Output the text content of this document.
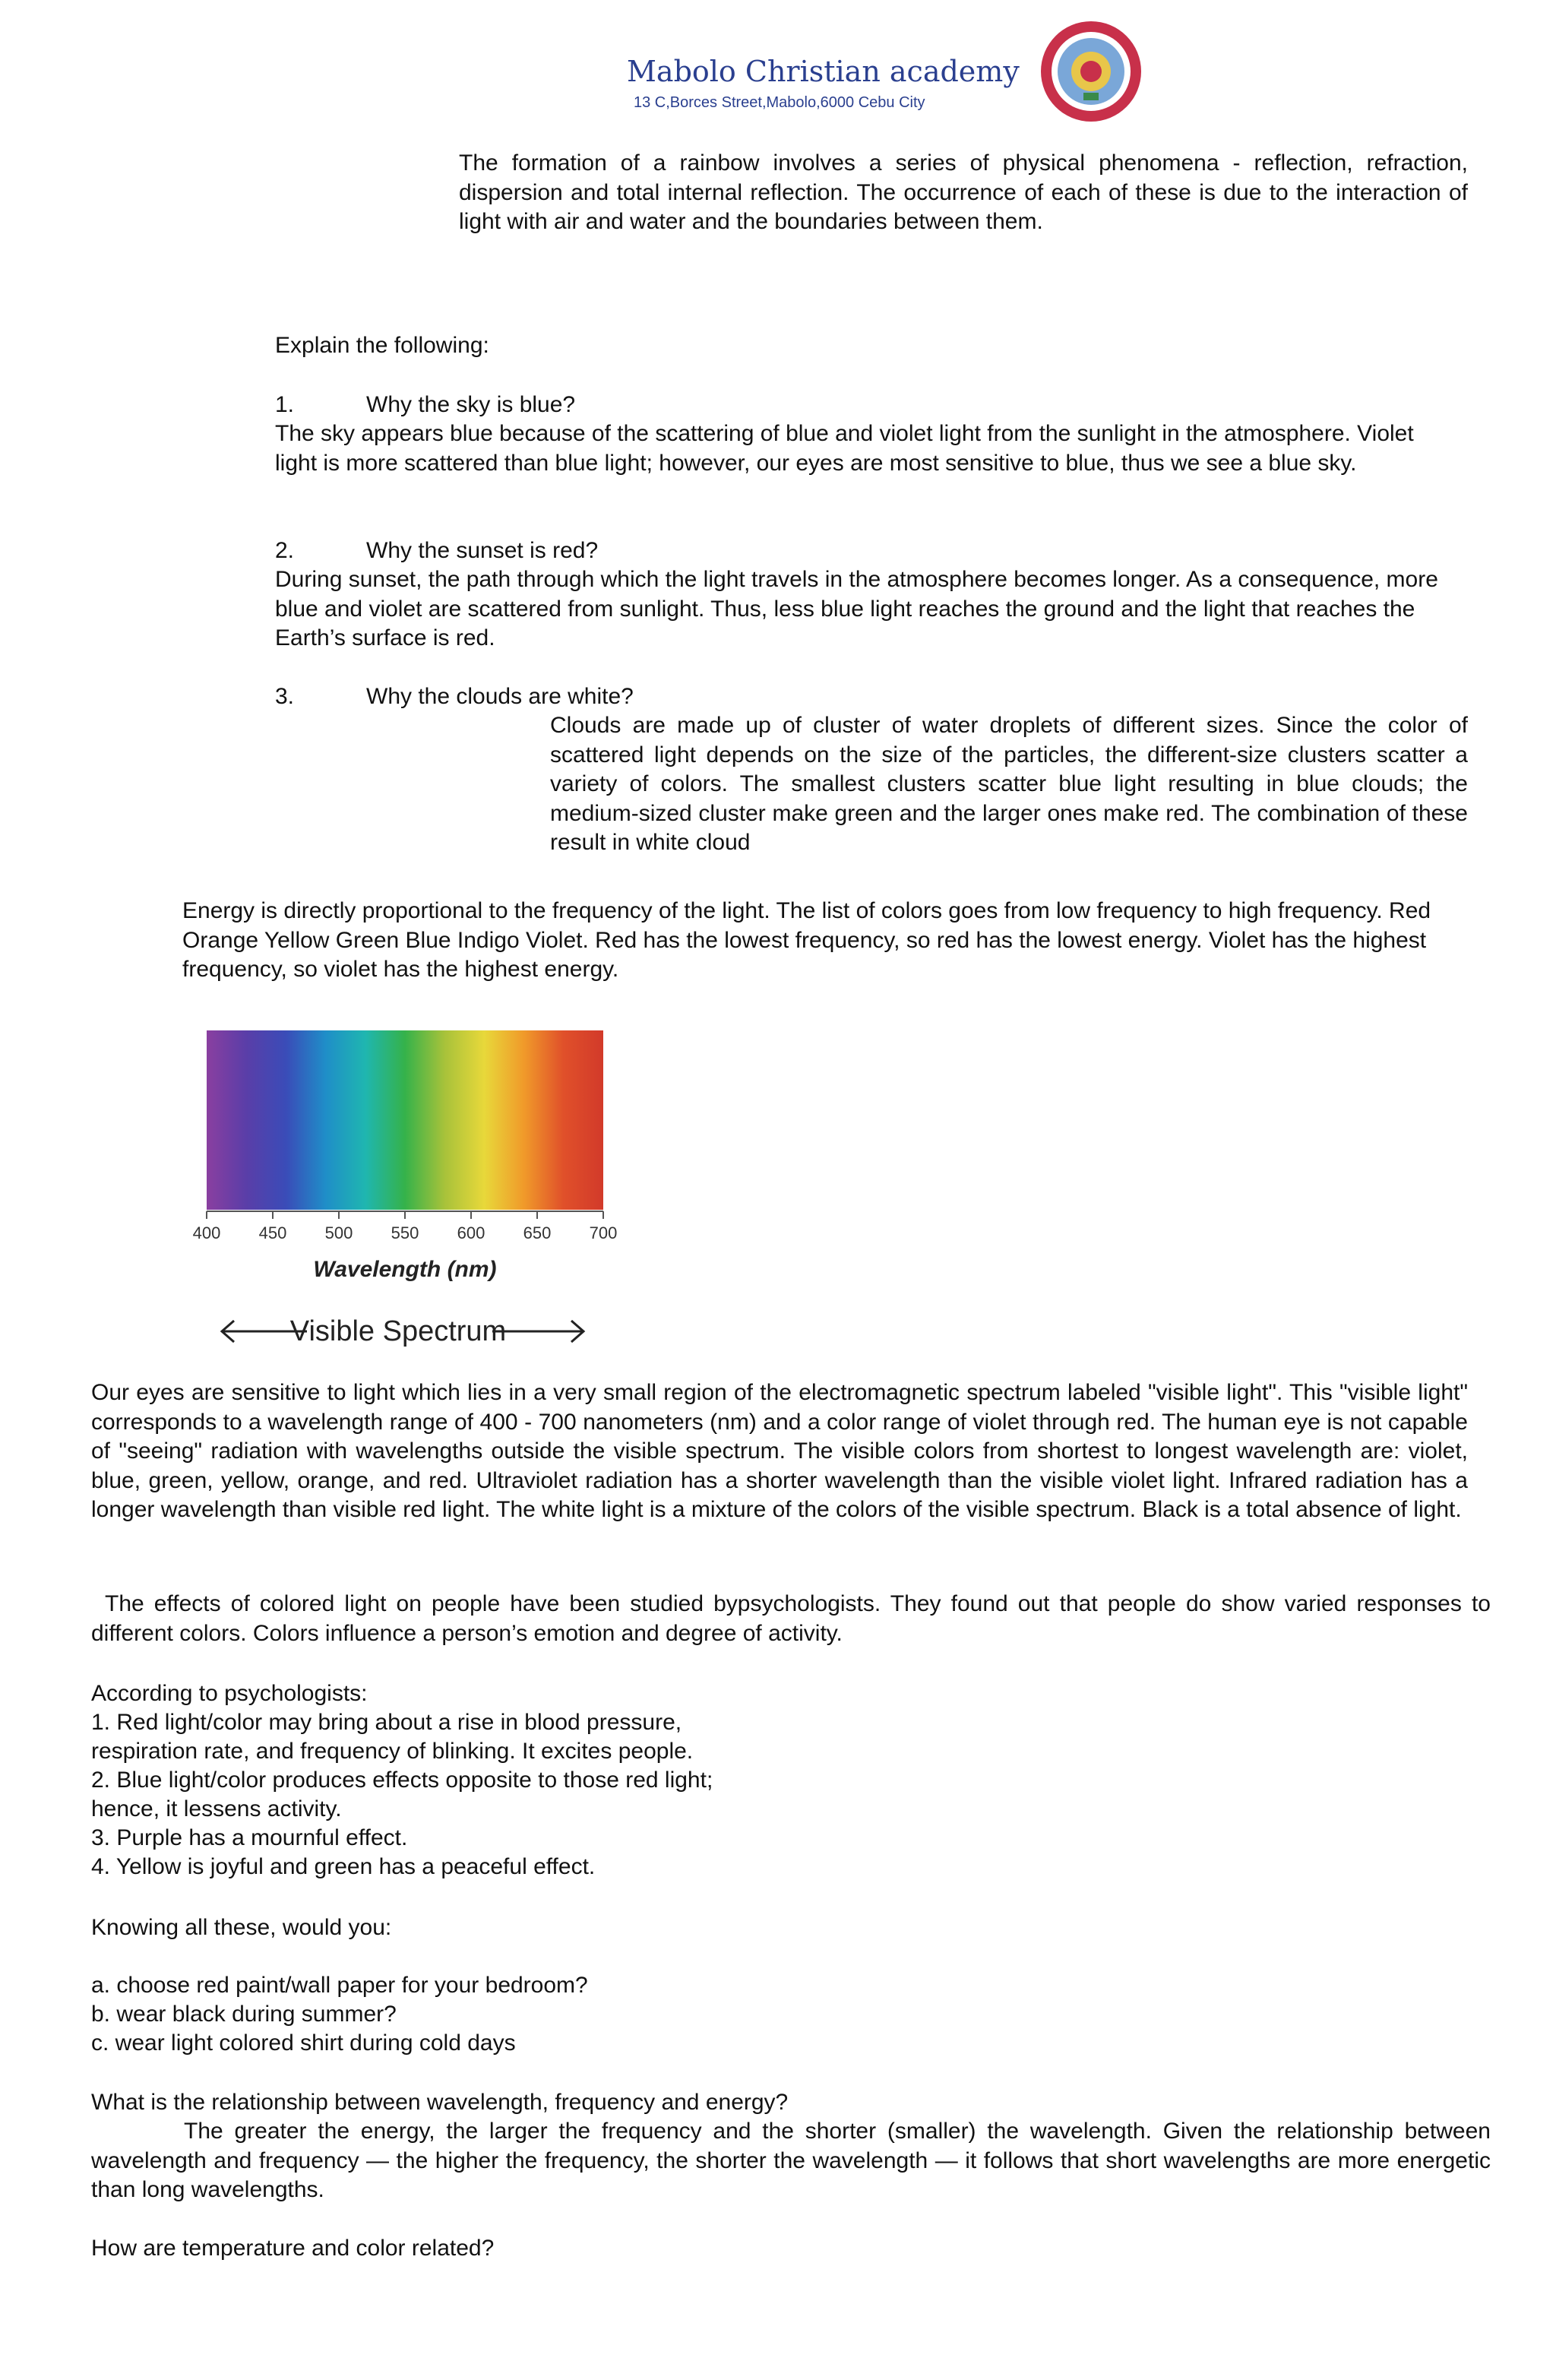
Mabolo Christian academy
13 C,Borces Street,Mabolo,6000 Cebu City
The formation of a rainbow involves a series of physical phenomena - reflection, refraction, dispersion and total internal reflection. The occurrence of each of these is due to the interaction of light with air and water and the boundaries between them.
Explain the following:
1.	Why the sky is blue?
The sky appears blue because of the scattering of blue and violet light from the sunlight in the atmosphere. Violet light is more scattered than blue light; however, our eyes are most sensitive to blue, thus we see a blue sky.
2.	Why the sunset is red?
During sunset, the path through which the light travels in the atmosphere becomes longer. As a consequence, more blue and violet are scattered from sunlight. Thus, less blue light reaches the ground and the light that reaches the Earth’s surface is red.
3.	Why the clouds are white?
Clouds are made up of cluster of water droplets of different sizes. Since the color of scattered light depends on the size of the particles, the different-size clusters scatter a variety of colors. The smallest clusters scatter blue light resulting in blue clouds; the medium-sized cluster make green and the larger ones make red. The combination of these result in white cloud
Energy is directly proportional to the frequency of the light. The list of colors goes from low frequency to high frequency. Red Orange Yellow Green Blue Indigo Violet. Red has the lowest frequency, so red has the lowest energy. Violet has the highest frequency, so violet has the highest energy.
400 450 500 550 600 650 700
Wavelength (nm)
Visible Spectrum
Our eyes are sensitive to light which lies in a very small region of the electromagnetic spectrum labeled "visible light". This "visible light" corresponds to a wavelength range of 400 - 700 nanometers (nm) and a color range of violet through red. The human eye is not capable of "seeing" radiation with wavelengths outside the visible spectrum. The visible colors from shortest to longest wavelength are: violet, blue, green, yellow, orange, and red. Ultraviolet radiation has a shorter wavelength than the visible violet light. Infrared radiation has a longer wavelength than visible red light. The white light is a mixture of the colors of the visible spectrum. Black is a total absence of light.
The effects of colored light on people have been studied bypsychologists. They found out that people do show varied responses to different colors. Colors influence a person’s emotion and degree of activity.
According to psychologists:
1. Red light/color may bring about a rise in blood pressure,
respiration rate, and frequency of blinking. It excites people.
2. Blue light/color produces effects opposite to those red light;
hence, it lessens activity.
3. Purple has a mournful effect.
4. Yellow is joyful and green has a peaceful effect.
Knowing all these, would you:
a. choose red paint/wall paper for your bedroom?
b. wear black during summer?
c. wear light colored shirt during cold days
What is the relationship between wavelength, frequency and energy?
The greater the energy, the larger the frequency and the shorter (smaller) the wavelength. Given the relationship between wavelength and frequency — the higher the frequency, the shorter the wavelength — it follows that short wavelengths are more energetic than long wavelengths.
How are temperature and color related?
